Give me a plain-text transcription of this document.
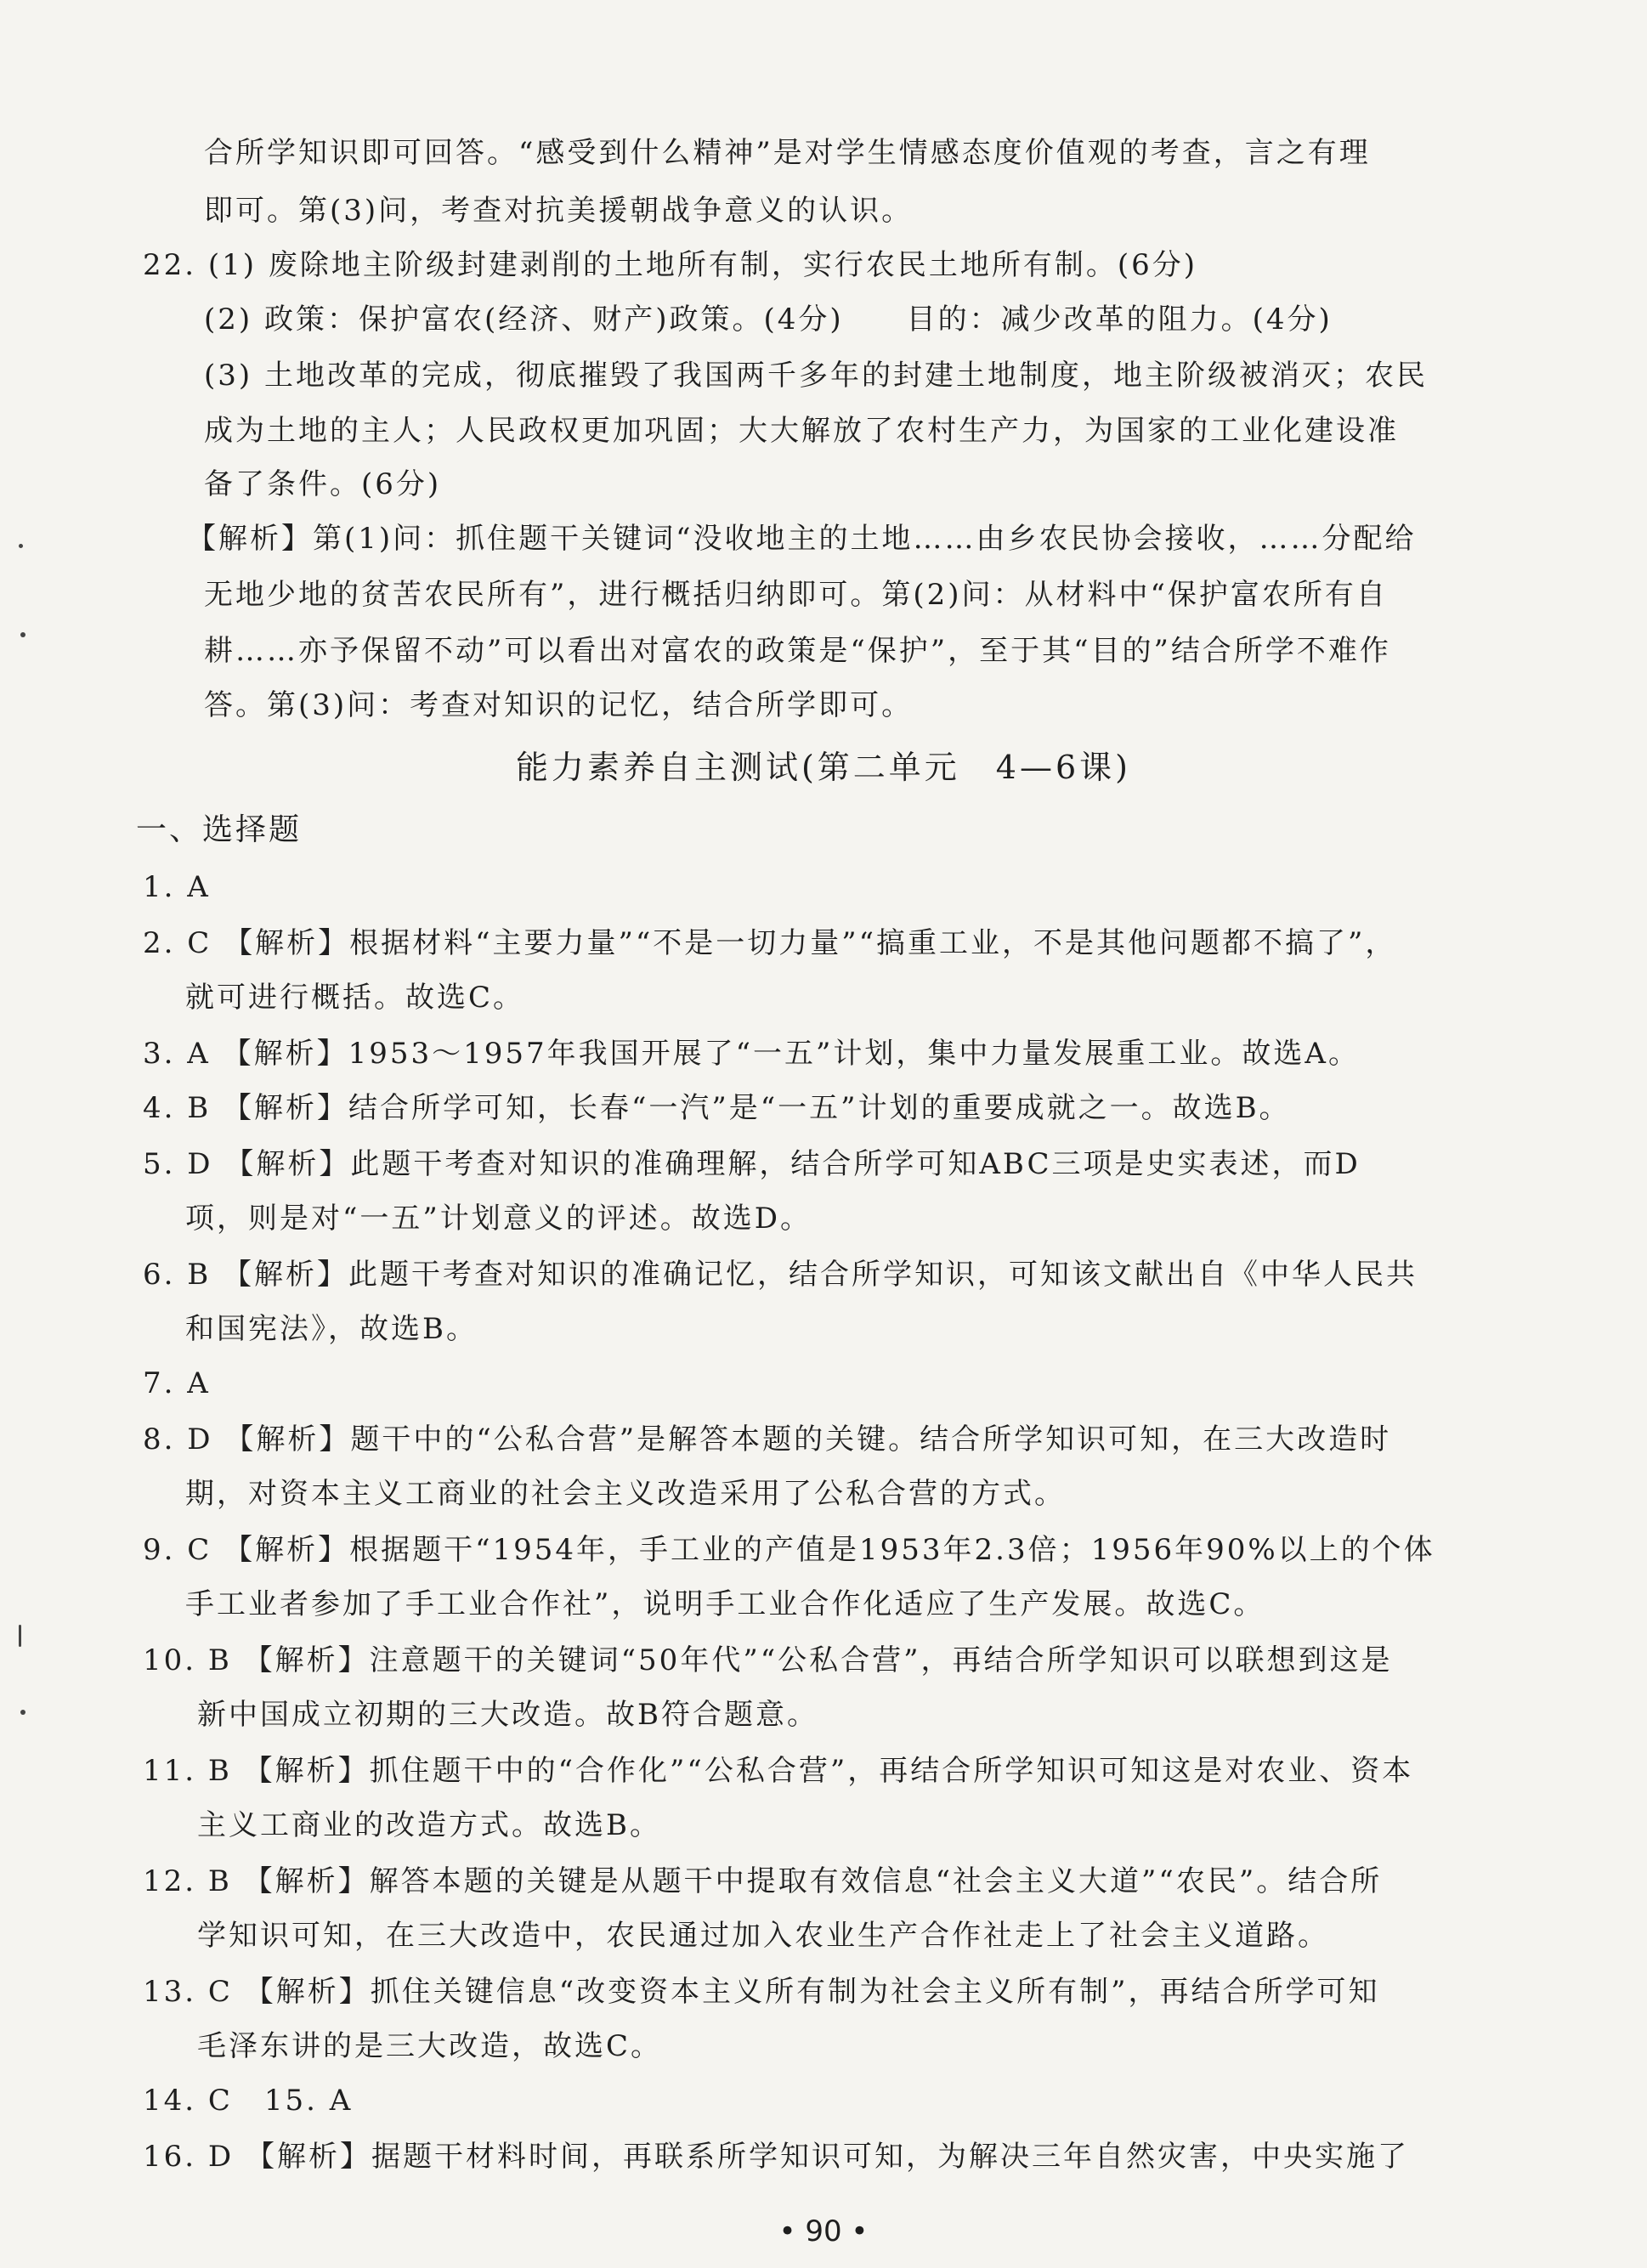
合所学知识即可回答。“感受到什么精神”是对学生情感态度价值观的考查，言之有理
即可。第(3)问，考查对抗美援朝战争意义的认识。
22. (1) 废除地主阶级封建剥削的土地所有制，实行农民土地所有制。(6分)
(2) 政策：保护富农(经济、财产)政策。(4分)　　目的：减少改革的阻力。(4分)
(3) 土地改革的完成，彻底摧毁了我国两千多年的封建土地制度，地主阶级被消灭；农民
成为土地的主人；人民政权更加巩固；大大解放了农村生产力，为国家的工业化建设准
备了条件。(6分)
【解析】第(1)问：抓住题干关键词“没收地主的土地……由乡农民协会接收，……分配给
无地少地的贫苦农民所有”，进行概括归纳即可。第(2)问：从材料中“保护富农所有自
耕……亦予保留不动”可以看出对富农的政策是“保护”，至于其“目的”结合所学不难作
答。第(3)问：考查对知识的记忆，结合所学即可。
能力素养自主测试(第二单元　4—6课)
一、选择题
1. A
2. C 【解析】根据材料“主要力量”“不是一切力量”“搞重工业，不是其他问题都不搞了”，
就可进行概括。故选C。
3. A 【解析】1953～1957年我国开展了“一五”计划，集中力量发展重工业。故选A。
4. B 【解析】结合所学可知，长春“一汽”是“一五”计划的重要成就之一。故选B。
5. D 【解析】此题干考查对知识的准确理解，结合所学可知ABC三项是史实表述，而D
项，则是对“一五”计划意义的评述。故选D。
6. B 【解析】此题干考查对知识的准确记忆，结合所学知识，可知该文献出自《中华人民共
和国宪法》，故选B。
7. A
8. D 【解析】题干中的“公私合营”是解答本题的关键。结合所学知识可知，在三大改造时
期，对资本主义工商业的社会主义改造采用了公私合营的方式。
9. C 【解析】根据题干“1954年，手工业的产值是1953年2.3倍；1956年90%以上的个体
手工业者参加了手工业合作社”，说明手工业合作化适应了生产发展。故选C。
10. B 【解析】注意题干的关键词“50年代”“公私合营”，再结合所学知识可以联想到这是
新中国成立初期的三大改造。故B符合题意。
11. B 【解析】抓住题干中的“合作化”“公私合营”，再结合所学知识可知这是对农业、资本
主义工商业的改造方式。故选B。
12. B 【解析】解答本题的关键是从题干中提取有效信息“社会主义大道”“农民”。结合所
学知识可知，在三大改造中，农民通过加入农业生产合作社走上了社会主义道路。
13. C 【解析】抓住关键信息“改变资本主义所有制为社会主义所有制”，再结合所学可知
毛泽东讲的是三大改造，故选C。
14. C　15. A
16. D 【解析】据题干材料时间，再联系所学知识可知，为解决三年自然灾害，中央实施了
• 90 •
